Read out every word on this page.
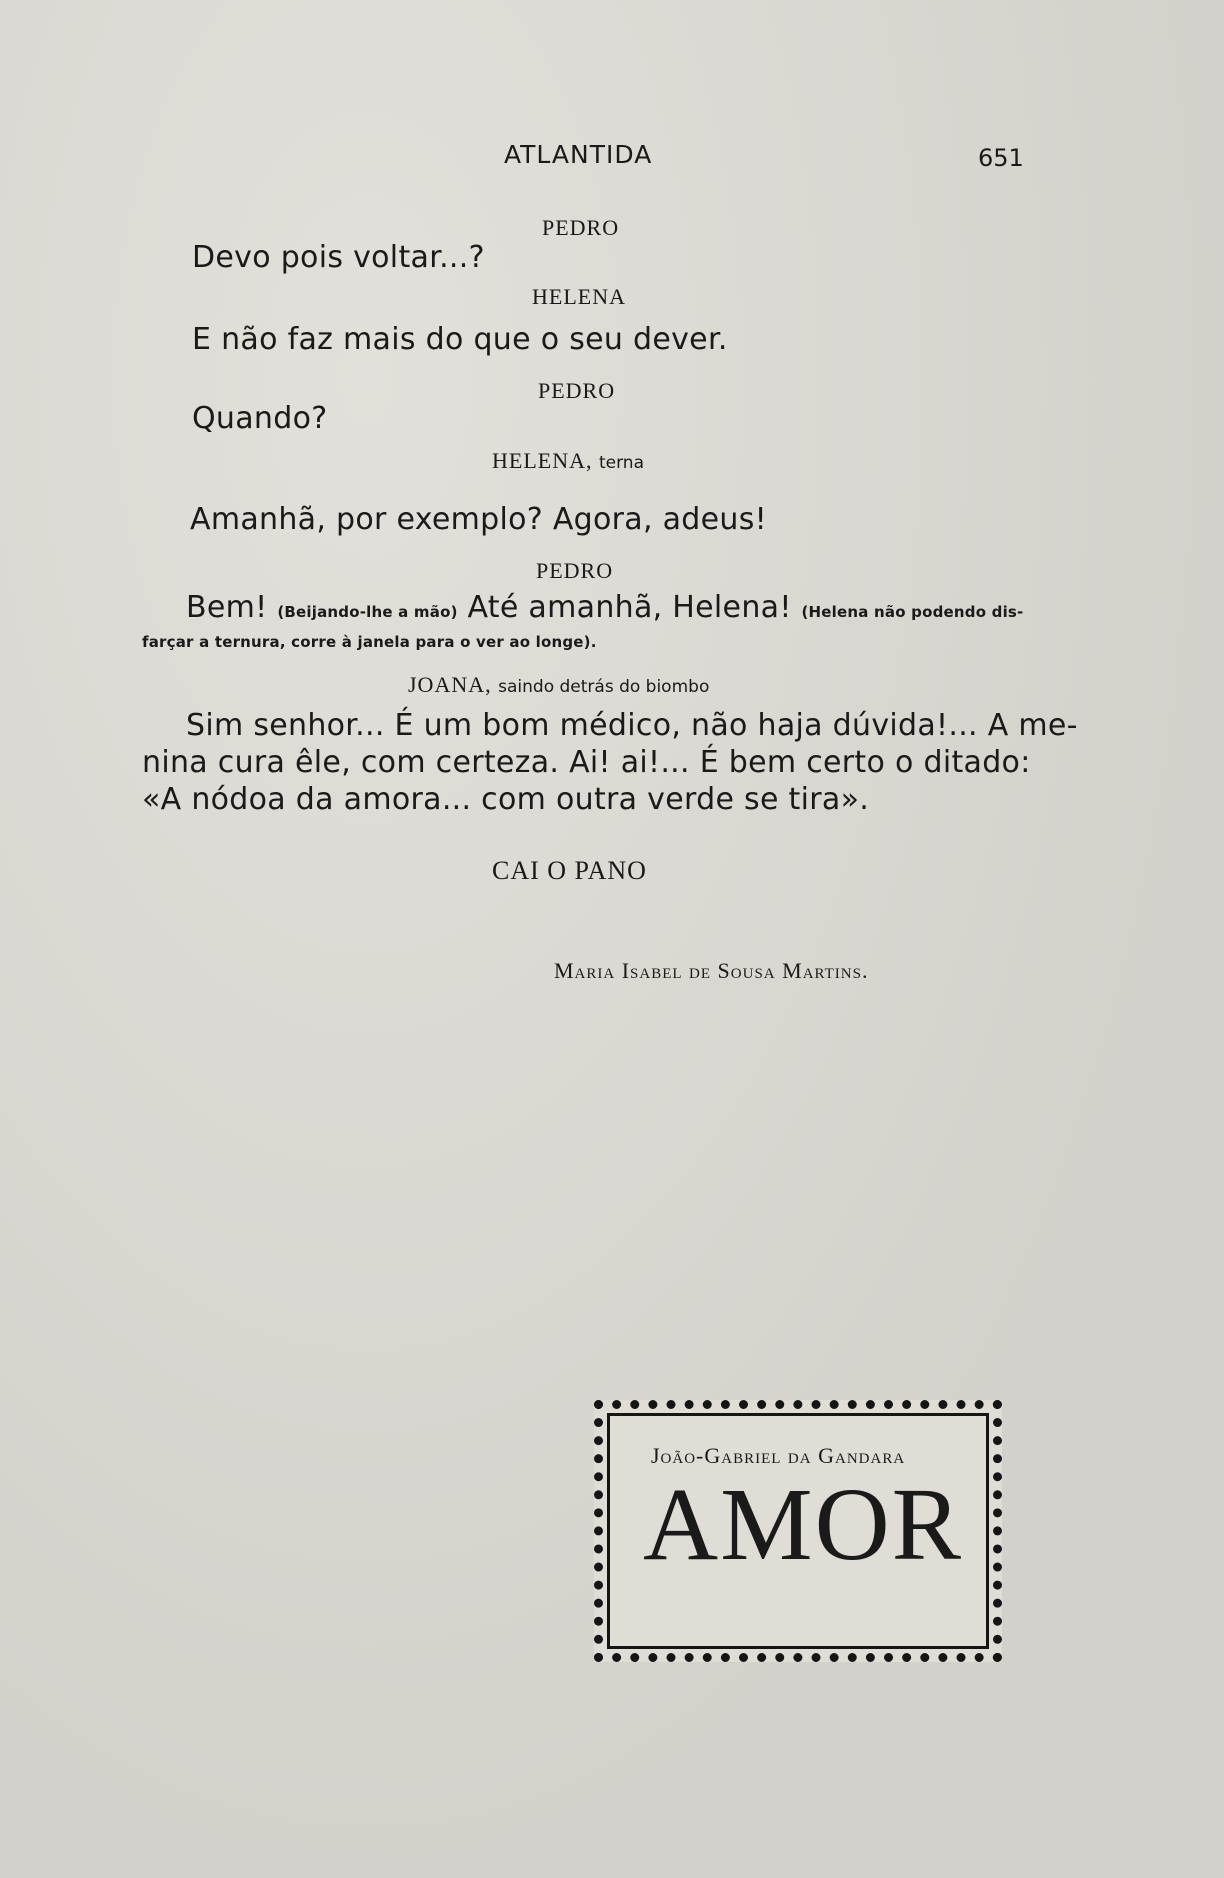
ATLANTIDA	651
PEDRO
Devo pois voltar...?
HELENA
E não faz mais do que o seu dever.
PEDRO
Quando?
HELENA, terna
Amanhã, por exemplo? Agora, adeus!
PEDRO
Bem! (Beijando-lhe a mão) Até amanhã, Helena! (Helena não podendo dis-
farçar a ternura, corre à janela para o ver ao longe).
JOANA, saindo detrás do biombo
Sim senhor... É um bom médico, não haja dúvida!... A me-
nina cura êle, com certeza. Ai! ai!... É bem certo o ditado:
«A nódoa da amora... com outra verde se tira».
CAI O PANO
Maria Isabel de Sousa Martins.
João-Gabriel da Gandara
AMOR
